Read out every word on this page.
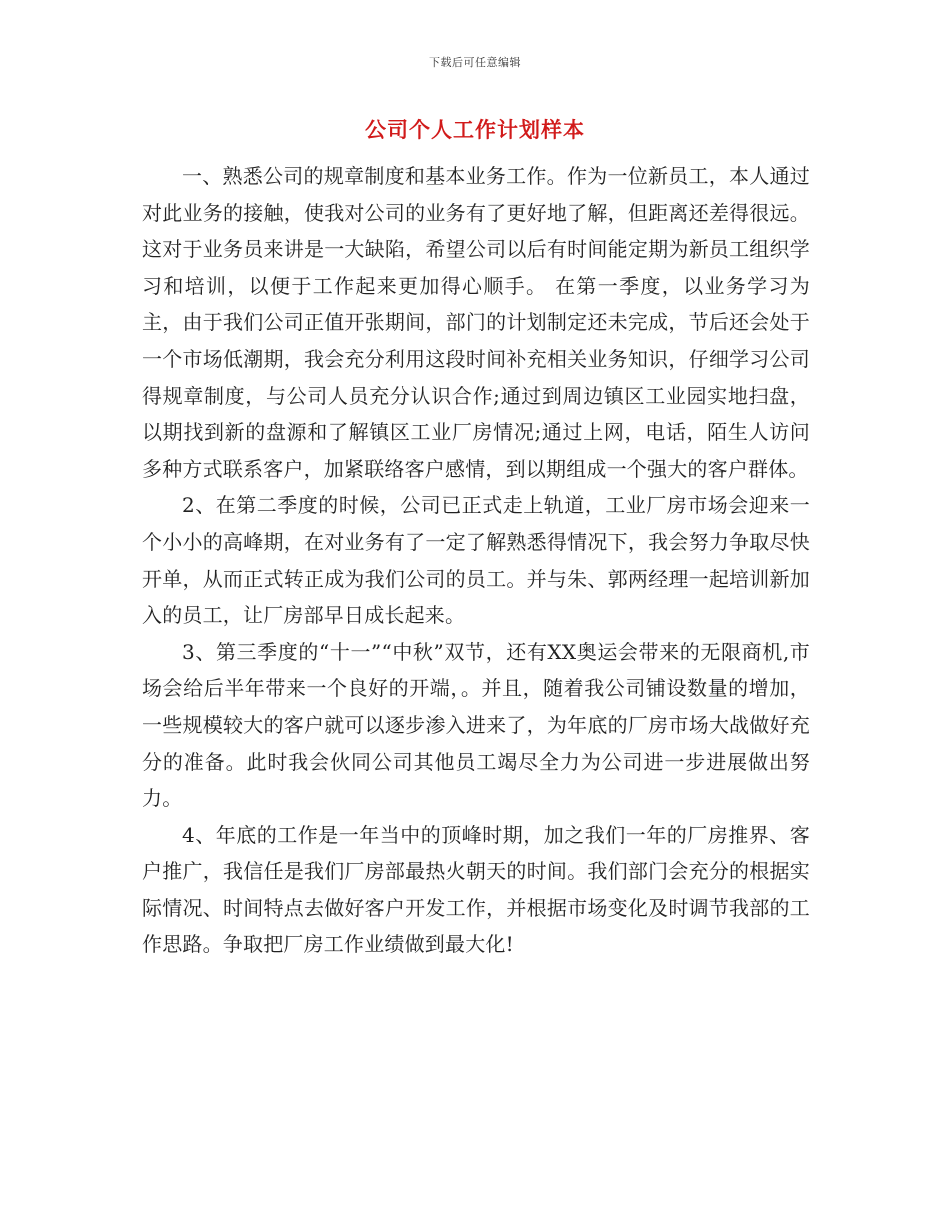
下载后可任意编辑
公司个人工作计划样本

一、熟悉公司的规章制度和基本业务工作。作为一位新员工，本人通过对此业务的接触，使我对公司的业务有了更好地了解，但距离还差得很远。这对于业务员来讲是一大缺陷，希望公司以后有时间能定期为新员工组织学习和培训，以便于工作起来更加得心顺手。 在第一季度，以业务学习为主，由于我们公司正值开张期间，部门的计划制定还未完成，节后还会处于一个市场低潮期，我会充分利用这段时间补充相关业务知识，仔细学习公司得规章制度，与公司人员充分认识合作;通过到周边镇区工业园实地扫盘，以期找到新的盘源和了解镇区工业厂房情况;通过上网，电话，陌生人访问多种方式联系客户，加紧联络客户感情，到以期组成一个强大的客户群体。

2、在第二季度的时候，公司已正式走上轨道，工业厂房市场会迎来一个小小的高峰期，在对业务有了一定了解熟悉得情况下，我会努力争取尽快开单，从而正式转正成为我们公司的员工。并与朱、郭两经理一起培训新加入的员工，让厂房部早日成长起来。

3、第三季度的“十一”“中秋”双节，还有XX奥运会带来的无限商机,市场会给后半年带来一个良好的开端，。并且，随着我公司铺设数量的增加，一些规模较大的客户就可以逐步渗入进来了，为年底的厂房市场大战做好充分的准备。此时我会伙同公司其他员工竭尽全力为公司进一步进展做出努力。

4、年底的工作是一年当中的顶峰时期，加之我们一年的厂房推界、客户推广，我信任是我们厂房部最热火朝天的时间。我们部门会充分的根据实际情况、时间特点去做好客户开发工作，并根据市场变化及时调节我部的工作思路。争取把厂房工作业绩做到最大化!
